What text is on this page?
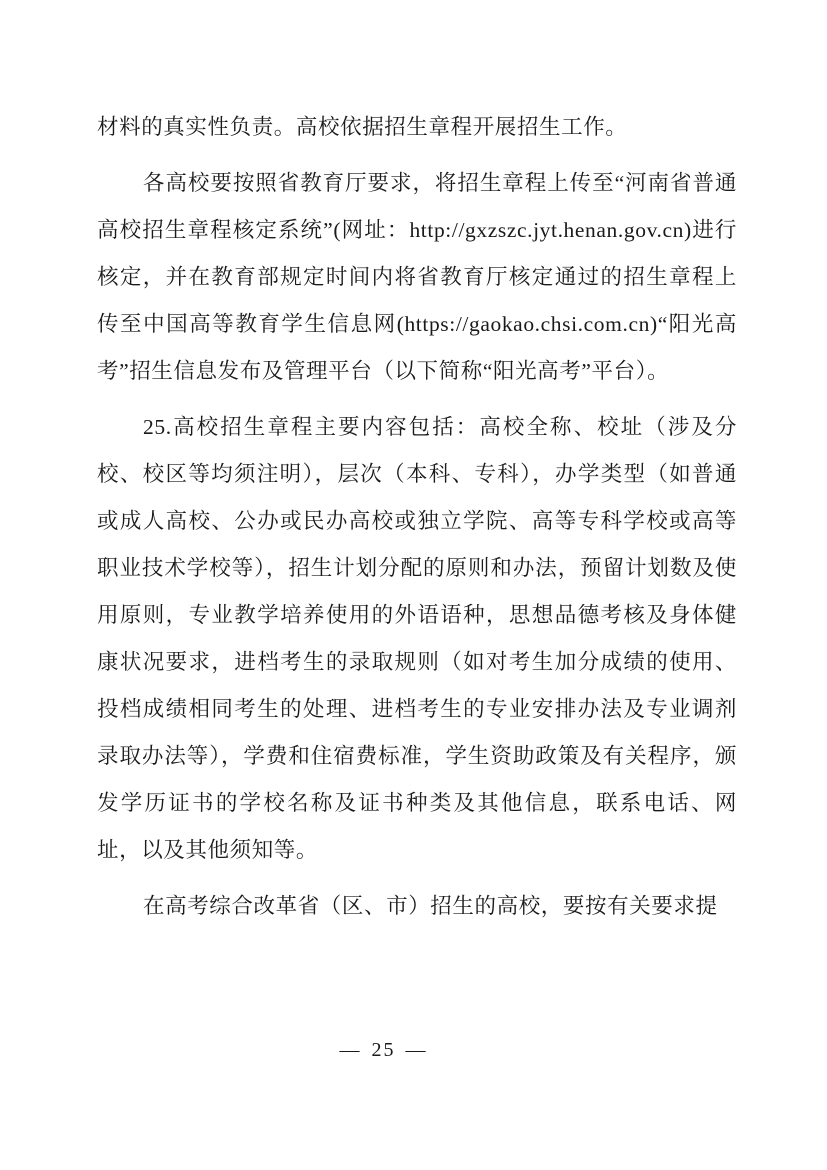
材料的真实性负责。高校依据招生章程开展招生工作。

各高校要按照省教育厅要求，将招生章程上传至“河南省普通高校招生章程核定系统”(网址：http://gxzszc.jyt.henan.gov.cn)进行核定，并在教育部规定时间内将省教育厅核定通过的招生章程上传至中国高等教育学生信息网(https://gaokao.chsi.com.cn)“阳光高考”招生信息发布及管理平台（以下简称“阳光高考”平台）。

25.高校招生章程主要内容包括：高校全称、校址（涉及分校、校区等均须注明），层次（本科、专科），办学类型（如普通或成人高校、公办或民办高校或独立学院、高等专科学校或高等职业技术学校等），招生计划分配的原则和办法，预留计划数及使用原则，专业教学培养使用的外语语种，思想品德考核及身体健康状况要求，进档考生的录取规则（如对考生加分成绩的使用、投档成绩相同考生的处理、进档考生的专业安排办法及专业调剂录取办法等），学费和住宿费标准，学生资助政策及有关程序，颁发学历证书的学校名称及证书种类及其他信息，联系电话、网址，以及其他须知等。

在高考综合改革省（区、市）招生的高校，要按有关要求提

— 25 —
